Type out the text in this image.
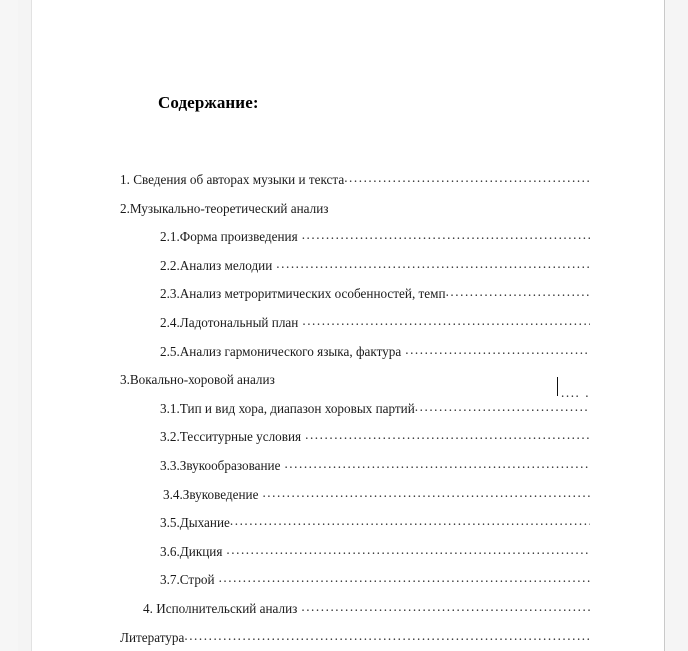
Содержание:
1. Сведения об авторах музыки и текста
.....
2.Музыкально-теоретический анализ
2.1.Форма произведения
.....
2.2.Анализ мелодии
.....
2.3.Анализ метроритмических особенностей, темп
.....
2.4.Ладотональный план
.....
2.5.Анализ гармонического языка, фактура
.....
3.Вокально-хоровой анализ
3.1.Тип и вид хора, диапазон хоровых партий
.....
3.2.Тесситурные условия
.....
3.3.Звукообразование
.....
3.4.Звуковедение
.....
3.5.Дыхание
.....
3.6.Дикция
.....
3.7.Строй
.....
4. Исполнительский анализ
.....
Литература
.....
.... .
